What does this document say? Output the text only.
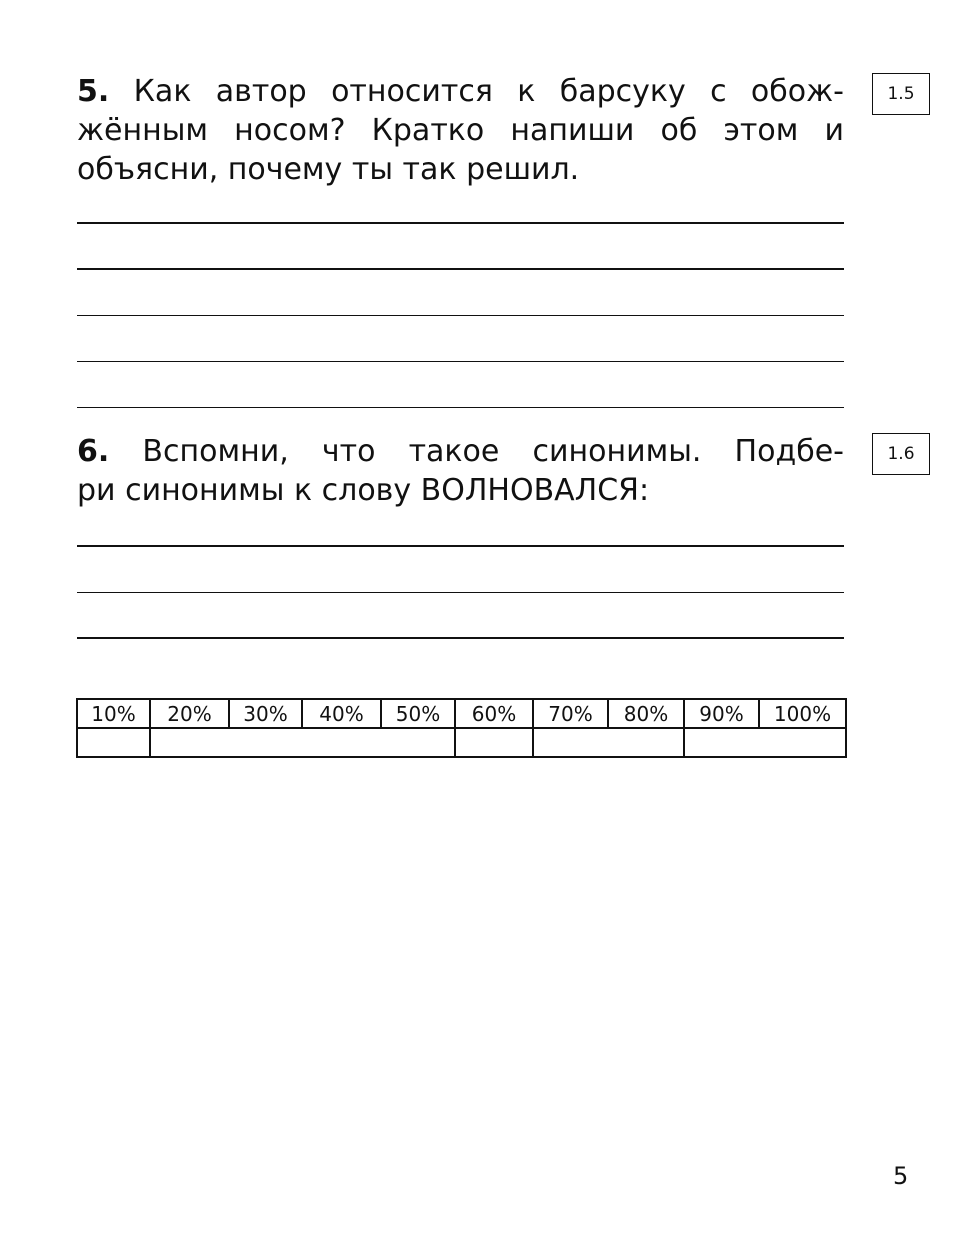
5. Как автор относится к барсуку с обож-
жённым носом? Кратко напиши об этом и
объясни, почему ты так решил.
1.5
6. Вспомни, что такое синонимы. Подбе-
ри синонимы к слову ВОЛНОВАЛСЯ:
1.6
10%	20%	30%	40%	50%	60%	70%	80%	90%	100%

5
